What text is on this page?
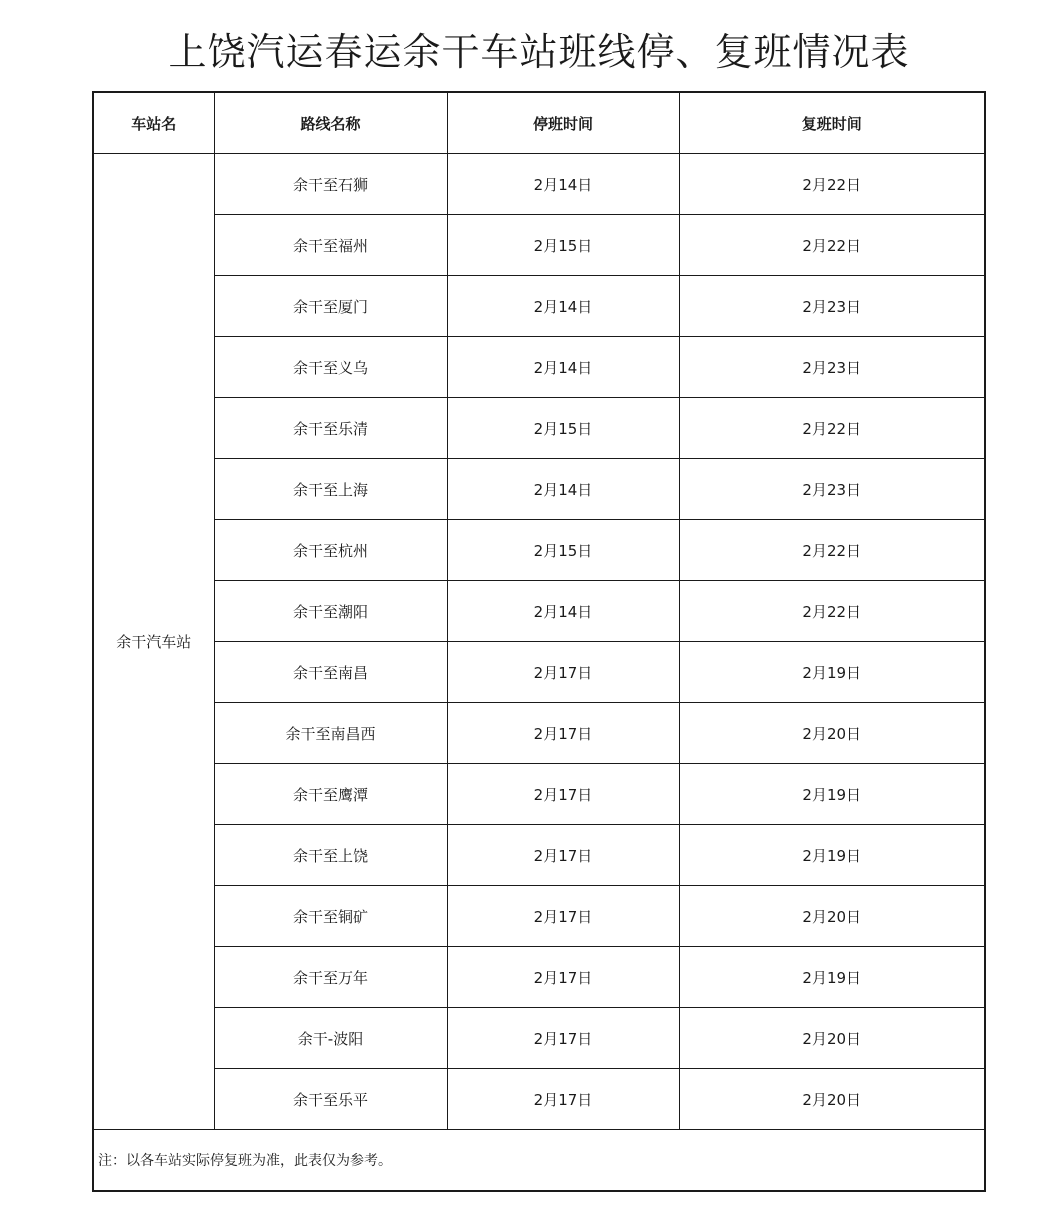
上饶汽运春运余干车站班线停、复班情况表
车站名	路线名称	停班时间	复班时间
余干汽车站	余干至石狮	2月14日	2月22日
	余干至福州	2月15日	2月22日
	余干至厦门	2月14日	2月23日
	余干至义乌	2月14日	2月23日
	余干至乐清	2月15日	2月22日
	余干至上海	2月14日	2月23日
	余干至杭州	2月15日	2月22日
	余干至潮阳	2月14日	2月22日
	余干至南昌	2月17日	2月19日
	余干至南昌西	2月17日	2月20日
	余干至鹰潭	2月17日	2月19日
	余干至上饶	2月17日	2月19日
	余干至铜矿	2月17日	2月20日
	余干至万年	2月17日	2月19日
	余干-波阳	2月17日	2月20日
	余干至乐平	2月17日	2月20日
注：以各车站实际停复班为准，此表仅为参考。			
